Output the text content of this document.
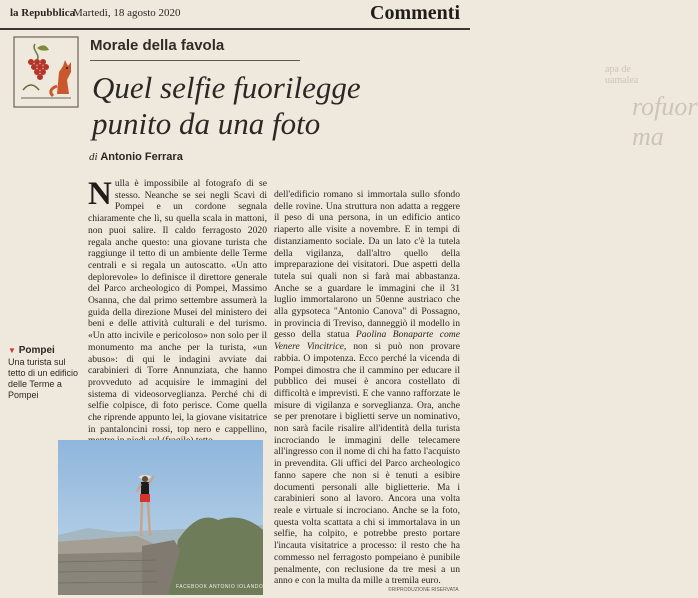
la Repubblica
Martedì, 18 agosto 2020	Commenti
apa de uamalea
rofuor ma
Morale della favola
Quel selfie fuorilegge
punito da una foto
di Antonio Ferrara
N ulla è impossibile al fotografo di se stesso. Neanche se sei negli Scavi di Pompei e un cordone segnala chiaramente che lì, su quella scala in mattoni, non puoi salire. Il caldo ferragosto 2020 regala anche questo: una giovane turista che raggiunge il tetto di un ambiente delle Terme centrali e si regala un autoscatto. «Un atto deplorevole» lo definisce il direttore generale del Parco archeologico di Pompei, Massimo Osanna, che dal primo settembre assumerà la guida della direzione Musei del ministero dei beni e delle attività culturali e del turismo. «Un atto incivile e pericoloso» non solo per il monumento ma anche per la turista, «un abuso»: di qui le indagini avviate dai carabinieri di Torre Annunziata, che hanno provveduto ad acquisire le immagini del sistema di videosorveglianza. Perché chi di selfie colpisce, di foto perisce. Come quella che riprende appunto lei, la giovane visitatrice in pantaloncini rossi, top nero e cappellino,

dell'edificio romano si immortala sullo sfondo delle rovine. Una struttura non adatta a reggere il peso di una persona, in un edificio antico riaperto alle visite a novembre. E in tempi di distanziamento sociale. Da un lato c'è la tutela della vigilanza, dall'altro quello della impreparazione dei visitatori. Due aspetti della tutela sui quali non si farà mai abbastanza. Anche se a guardare le immagini che il 31 luglio immortalarono un 50enne austriaco che alla gypsoteca "Antonio Canova" di Possagno, in provincia di Treviso, danneggiò il modello in gesso della statua Paolina Bonaparte come Venere Vincitrice, non si può non provare rabbia. O impotenza. Ecco perché la vicenda di Pompei dimostra che il cammino per educare il pubblico dei musei è ancora costellato di difficoltà e imprevisti. E che vanno rafforzate le misure di vigilanza e sorveglianza. Ora, anche se per prenotare i biglietti serve un nominativo, non sarà facile risalire all'identità della turista incrociando le immagini delle telecamere all'ingresso con il nome di chi ha fatto l'acquisto in prevendita. Gli uffici del Parco archeologico fanno sapere che non si è tenuti a esibire documenti personali alle biglietterie. Ma i carabinieri sono al lavoro. Ancora una volta reale e virtuale si incrociano. Anche se la foto, questa volta scattata a chi si immortalava in un selfie, ha colpito, e potrebbe presto portare l'incauta visitatrice a processo: il resto che ha commesso nel ferragosto pompeiano è punibile penalmente, con reclusione da tre mesi a un anno e con la multa da mille a tremila euro.

▼ Pompei
Una turista sul tetto di un edificio delle Terme a Pompei
FACEBOOK ANTONIO IOLANDO	©RIPRODUZIONE RISERVATA
